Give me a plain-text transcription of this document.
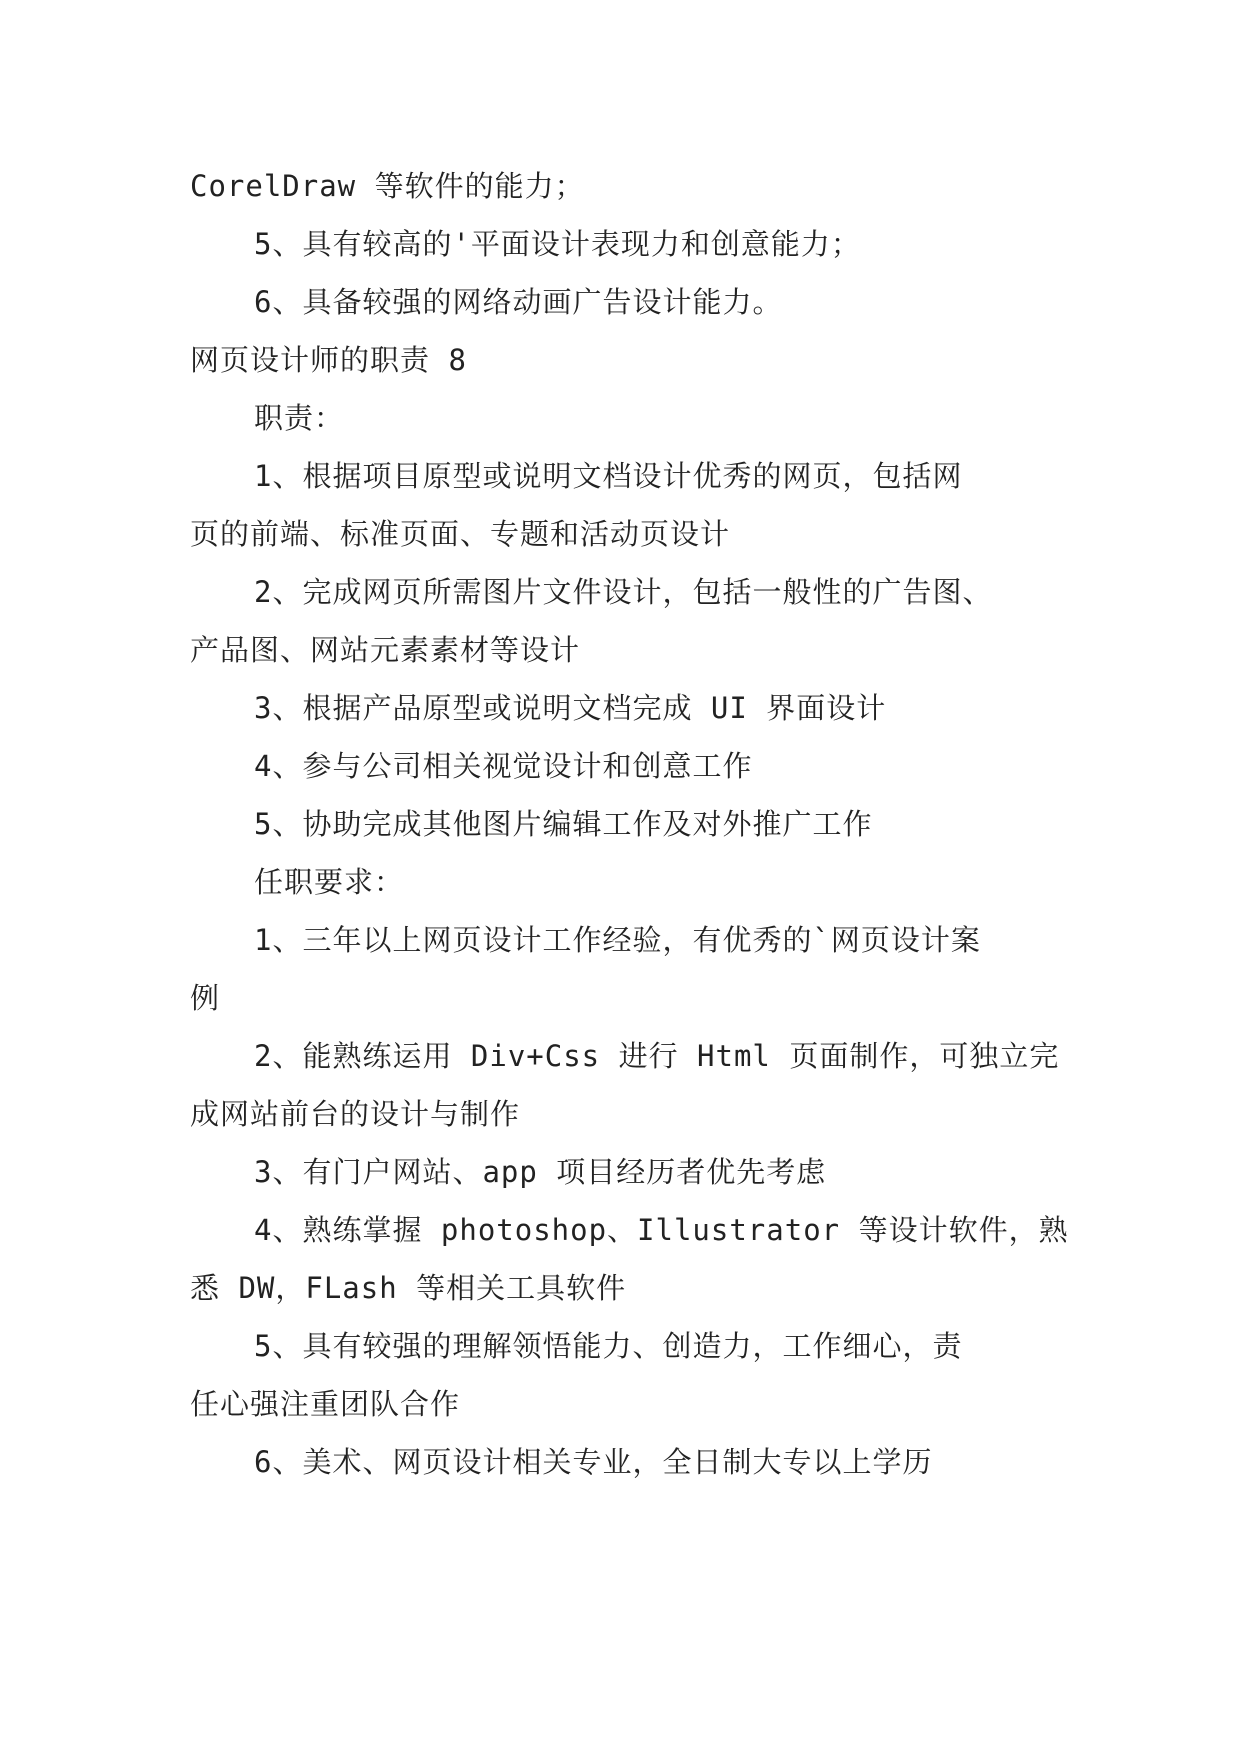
CorelDraw 等软件的能力；
5、具有较高的'平面设计表现力和创意能力；
6、具备较强的网络动画广告设计能力。
网页设计师的职责 8
职责：
1、根据项目原型或说明文档设计优秀的网页，包括网
页的前端、标准页面、专题和活动页设计
2、完成网页所需图片文件设计，包括一般性的广告图、
产品图、网站元素素材等设计
3、根据产品原型或说明文档完成 UI 界面设计
4、参与公司相关视觉设计和创意工作
5、协助完成其他图片编辑工作及对外推广工作
任职要求：
1、三年以上网页设计工作经验，有优秀的`网页设计案
例
2、能熟练运用 Div+Css 进行 Html 页面制作，可独立完
成网站前台的设计与制作
3、有门户网站、app 项目经历者优先考虑
4、熟练掌握 photoshop、Illustrator 等设计软件，熟
悉 DW，FLash 等相关工具软件
5、具有较强的理解领悟能力、创造力，工作细心，责
任心强注重团队合作
6、美术、网页设计相关专业，全日制大专以上学历
